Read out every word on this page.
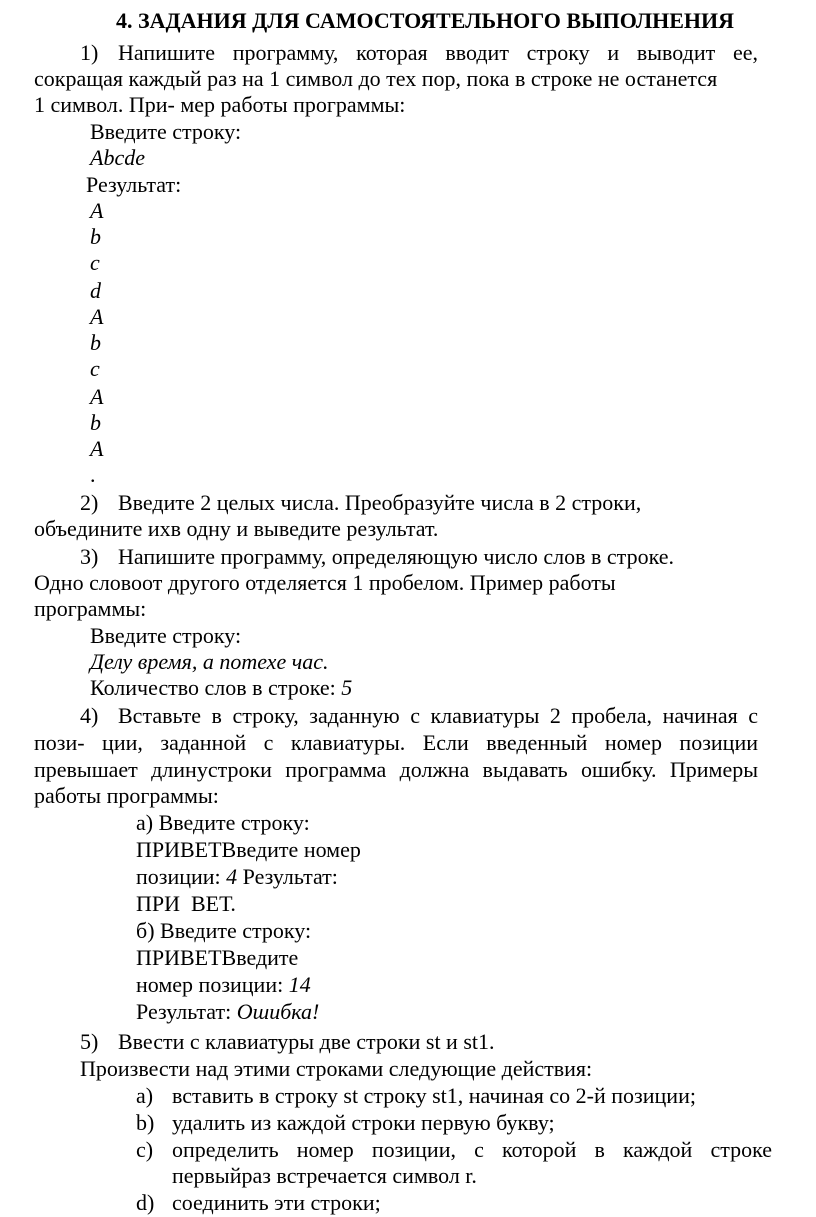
4. ЗАДАНИЯ ДЛЯ САМОСТОЯТЕЛЬНОГО ВЫПОЛНЕНИЯ
1) Напишите программу, которая вводит строку и выводит ее,
сокращая каждый раз на 1 символ до тех пор, пока в строке не останется
1 символ. При- мер работы программы:
Введите строку:
Abcde
Результат:
A
b
c
d
A
b
c
A
b
A
.
2) Введите 2 целых числа. Преобразуйте числа в 2 строки,
объедините ихв одну и выведите результат.
3) Напишите программу, определяющую число слов в строке.
Одно словоот другого отделяется 1 пробелом. Пример работы
программы:
Введите строку:
Делу время, а потехе час.
Количество слов в строке: 5
4) Вставьте в строку, заданную с клавиатуры 2 пробела, начиная с
пози- ции, заданной с клавиатуры. Если введенный номер позиции
превышает длинустроки программа должна выдавать ошибку. Примеры
работы программы:
а) Введите строку:
ПРИВЕТВведите номер
позиции: 4 Результат:
ПРИ  ВЕТ.
б) Введите строку:
ПРИВЕТВведите
номер позиции: 14
Результат: Ошибка!
5) Ввести с клавиатуры две строки st и st1.
Произвести над этими строками следующие действия:
a) вставить в строку st строку st1, начиная со 2-й позиции;
b) удалить из каждой строки первую букву;
c) определить номер позиции, с которой в каждой строке
первыйраз встречается символ r.
d) соединить эти строки;
